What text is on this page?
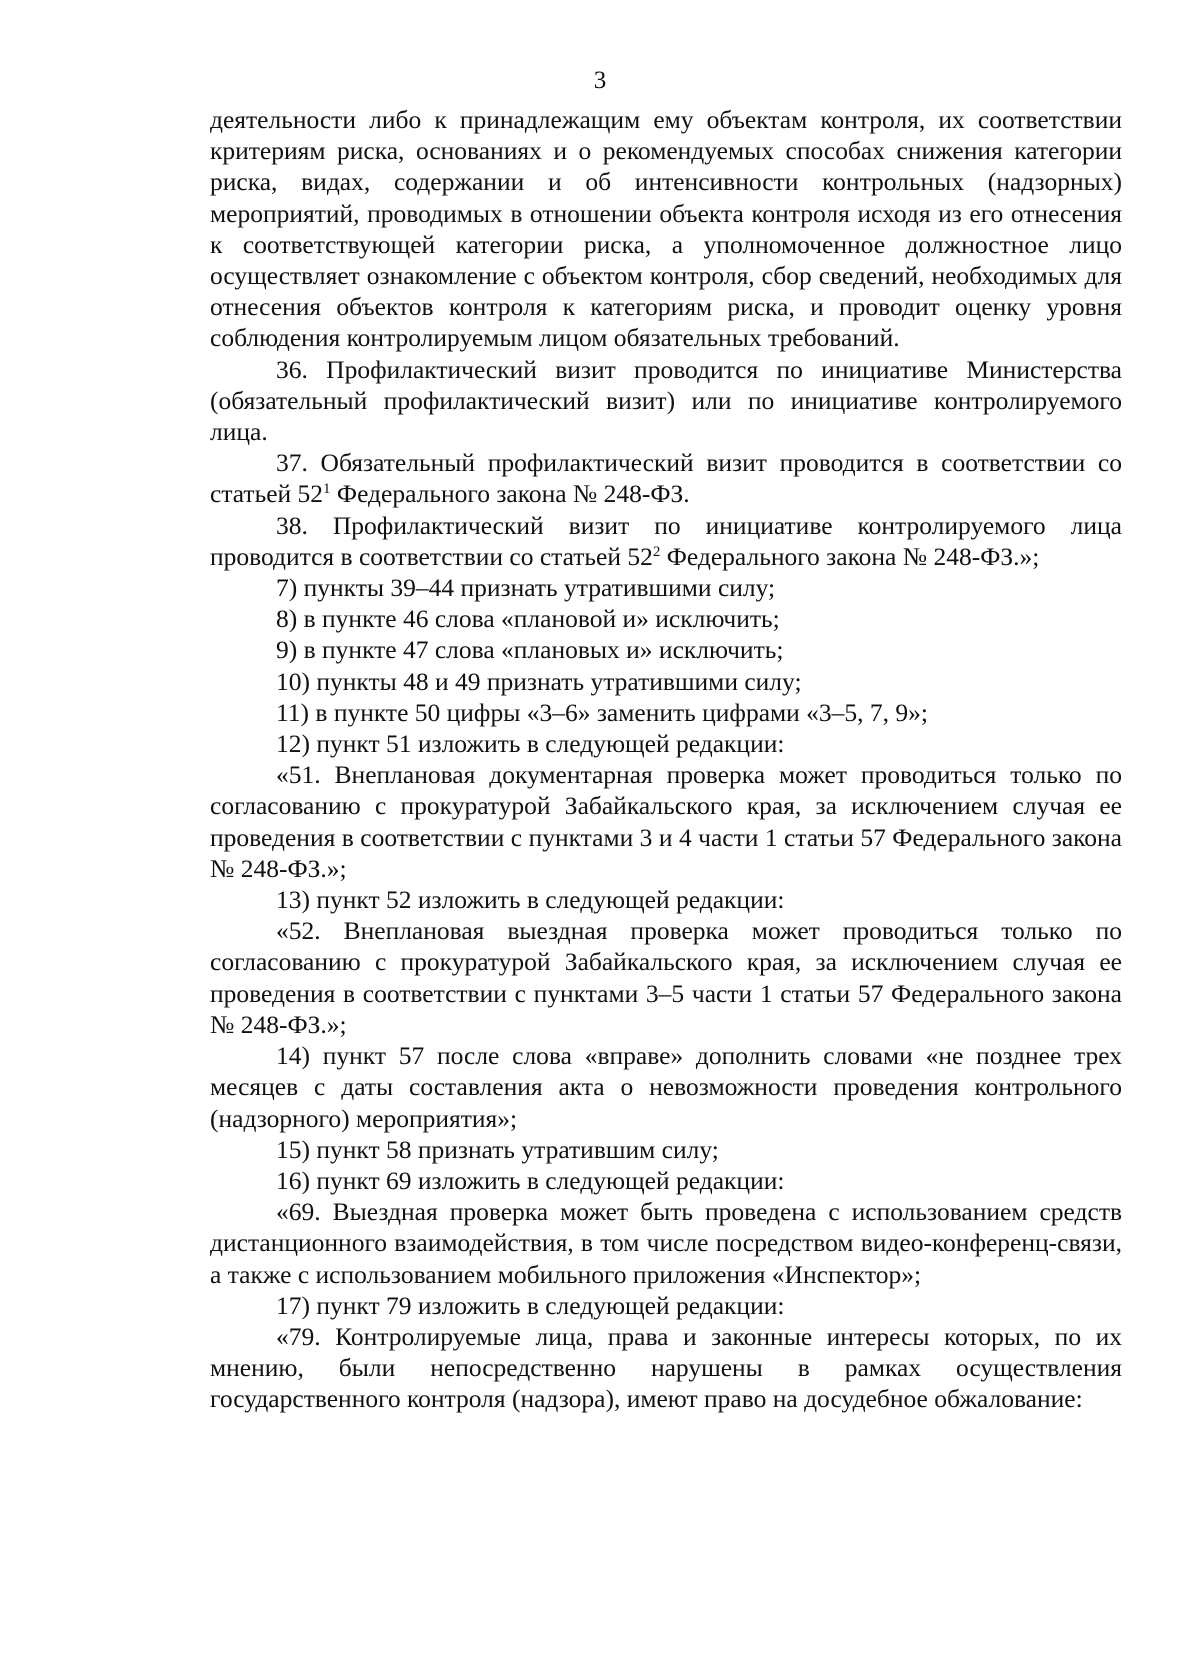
3

деятельности либо к принадлежащим ему объектам контроля, их соответствии критериям риска, основаниях и о рекомендуемых способах снижения категории риска, видах, содержании и об интенсивности контрольных (надзорных) мероприятий, проводимых в отношении объекта контроля исходя из его отнесения к соответствующей категории риска, а уполномоченное должностное лицо осуществляет ознакомление с объектом контроля, сбор сведений, необходимых для отнесения объектов контроля к категориям риска, и проводит оценку уровня соблюдения контролируемым лицом обязательных требований.

36. Профилактический визит проводится по инициативе Министерства (обязательный профилактический визит) или по инициативе контролируемого лица.

37. Обязательный профилактический визит проводится в соответствии со статьей $52^1$ Федерального закона № 248-ФЗ.

38. Профилактический визит по инициативе контролируемого лица проводится в соответствии со статьей $52^2$ Федерального закона № 248-ФЗ.»;

7) пункты 39–44 признать утратившими силу;

8) в пункте 46 слова «плановой и» исключить;

9) в пункте 47 слова «плановых и» исключить;

10) пункты 48 и 49 признать утратившими силу;

11) в пункте 50 цифры «3–6» заменить цифрами «3–5, 7, 9»;

12) пункт 51 изложить в следующей редакции:

«51. Внеплановая документарная проверка может проводиться только по согласованию с прокуратурой Забайкальского края, за исключением случая ее проведения в соответствии с пунктами 3 и 4 части 1 статьи 57 Федерального закона № 248-ФЗ.»;

13) пункт 52 изложить в следующей редакции:

«52. Внеплановая выездная проверка может проводиться только по согласованию с прокуратурой Забайкальского края, за исключением случая ее проведения в соответствии с пунктами 3–5 части 1 статьи 57 Федерального закона № 248-ФЗ.»;

14) пункт 57 после слова «вправе» дополнить словами «не позднее трех месяцев с даты составления акта о невозможности проведения контрольного (надзорного) мероприятия»;

15) пункт 58 признать утратившим силу;

16) пункт 69 изложить в следующей редакции:

«69. Выездная проверка может быть проведена с использованием средств дистанционного взаимодействия, в том числе посредством видео-конференц-связи, а также с использованием мобильного приложения «Инспектор»;

17) пункт 79 изложить в следующей редакции:

«79. Контролируемые лица, права и законные интересы которых, по их мнению, были непосредственно нарушены в рамках осуществления государственного контроля (надзора), имеют право на досудебное обжалование:
